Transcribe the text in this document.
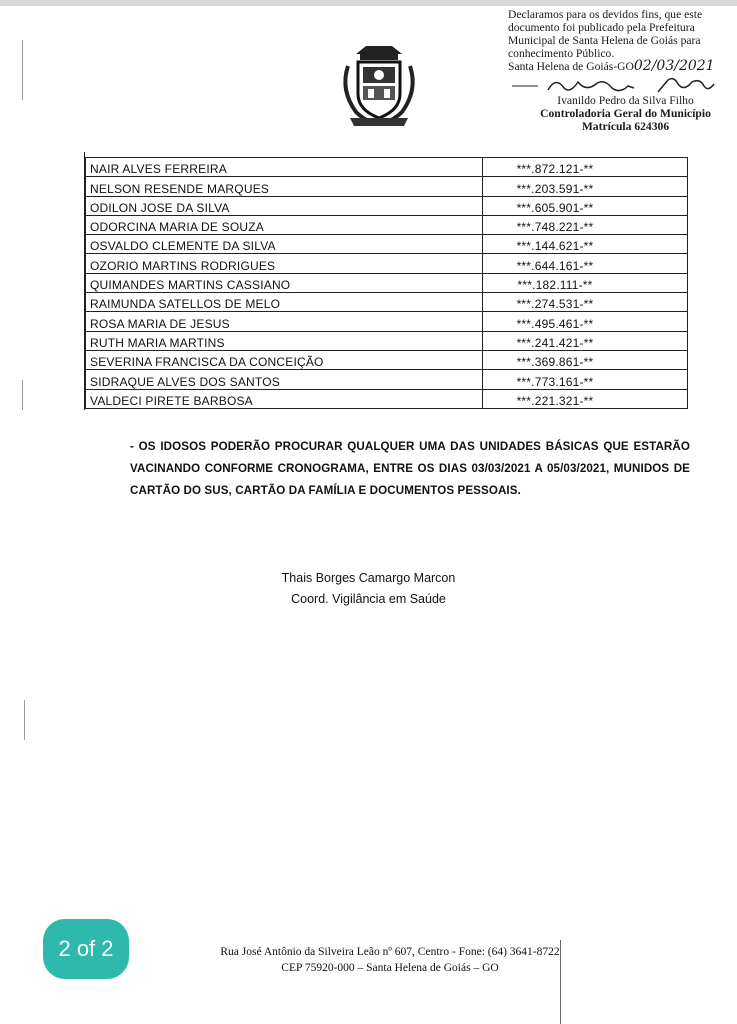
Declaramos para os devidos fins, que este
documento foi publicado pela Prefeitura
Municipal de Santa Helena de Goiás para
conhecimento Público.
Santa Helena de Goiás-GO02/03/2021
Ivanildo Pedro da Silva Filho
Controladoria Geral do Município
Matrícula 624306
NAIR ALVES FERREIRA	***.872.121-**
NELSON RESENDE MARQUES	***.203.591-**
ODILON JOSE DA SILVA	***.605.901-**
ODORCINA MARIA DE SOUZA	***.748.221-**
OSVALDO CLEMENTE DA SILVA	***.144.621-**
OZORIO MARTINS RODRIGUES	***.644.161-**
QUIMANDES MARTINS CASSIANO	***.182.111-**
RAIMUNDA SATELLOS DE MELO	***.274.531-**
ROSA MARIA DE JESUS	***.495.461-**
RUTH MARIA MARTINS	***.241.421-**
SEVERINA FRANCISCA DA CONCEIÇÃO	***.369.861-**
SIDRAQUE ALVES DOS SANTOS	***.773.161-**
VALDECI PIRETE BARBOSA	***.221.321-**
- OS IDOSOS PODERÃO PROCURAR QUALQUER UMA DAS UNIDADES BÁSICAS QUE ESTARÃO VACINANDO CONFORME CRONOGRAMA, ENTRE OS DIAS 03/03/2021 A 05/03/2021, MUNIDOS DE CARTÃO DO SUS, CARTÃO DA FAMÍLIA E DOCUMENTOS PESSOAIS.
Thais Borges Camargo Marcon
Coord. Vigilância em Saúde
Rua José Antônio da Silveira Leão nº 607, Centro - Fone: (64) 3641-8722
CEP 75920-000 – Santa Helena de Goiás – GO
2 of 2
